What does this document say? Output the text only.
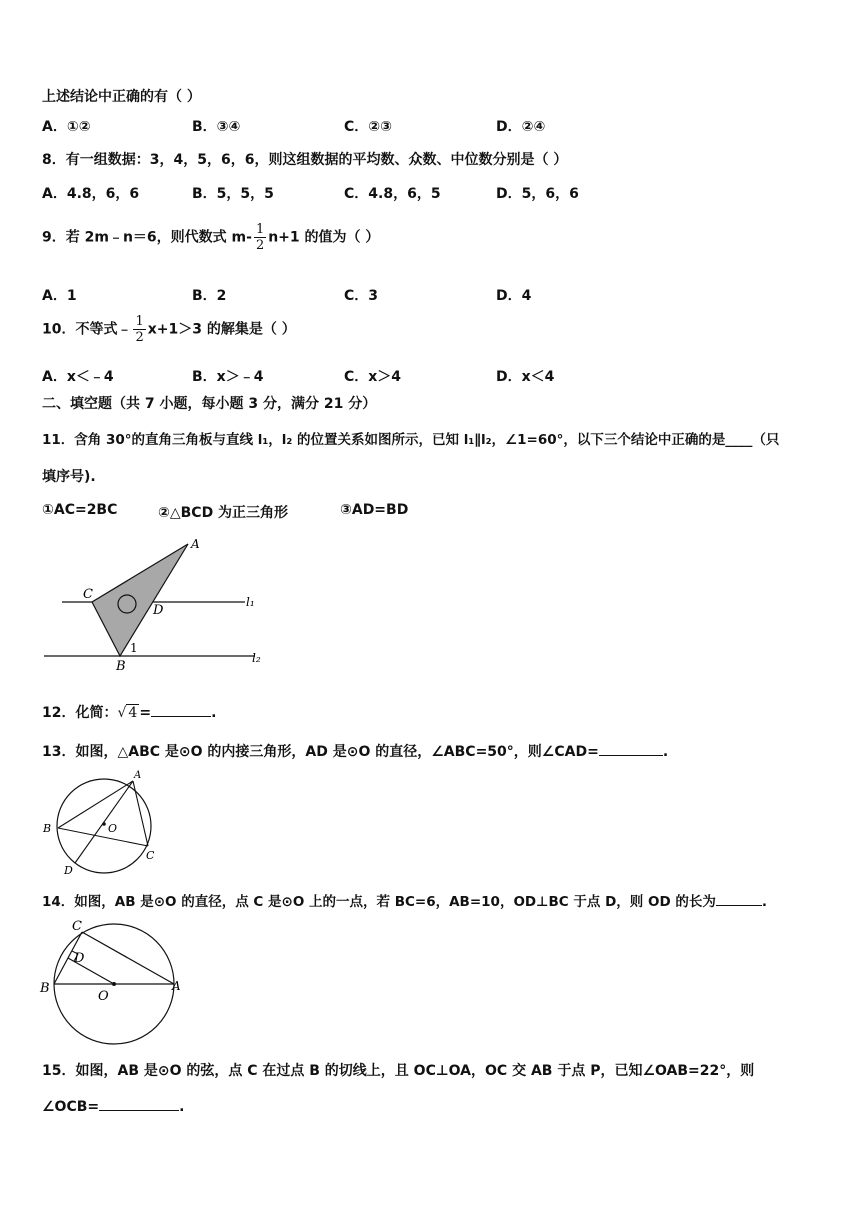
上述结论中正确的有（ ）
A．①②	B．③④	C．②③	D．②④
8．有一组数据：3，4，5，6，6，则这组数据的平均数、众数、中位数分别是（ ）
A．4.8，6，6	B．5，5，5	C．4.8，6，5	D．5，6，6
9．若 2m﹣n＝6，则代数式 $m- \frac{1}{2} n+1$ 的值为（ ）
A．1	B．2	C．3	D．4
10．不等式﹣ $\frac{1}{2} x+1>3$ 的解集是（ ）
A．x＜﹣4	B．x＞﹣4	C．x＞4	D．x＜4
二、填空题（共 7 小题，每小题 3 分，满分 21 分）
11．含角 30°的直角三角板与直线 l₁，l₂ 的位置关系如图所示，已知 l₁∥l₂，∠1=60°，以下三个结论中正确的是____（只
填序号).
①AC=2BC	②△BCD 为正三角形	③AD=BD
A
C
D
B
1
l₁
l₂
12．化简：√ 4 =	.
13．如图，△ABC 是⊙O 的内接三角形，AD 是⊙O 的直径，∠ABC=50°，则∠CAD=	.
A
B
C
D
O
14．如图，AB 是⊙O 的直径，点 C 是⊙O 上的一点，若 BC=6，AB=10，OD⊥BC 于点 D，则 OD 的长为	.
C
D
B
O
A
15．如图，AB 是⊙O 的弦，点 C 在过点 B 的切线上，且 OC⊥OA，OC 交 AB 于点 P，已知∠OAB=22°，则
∠OCB=	.
